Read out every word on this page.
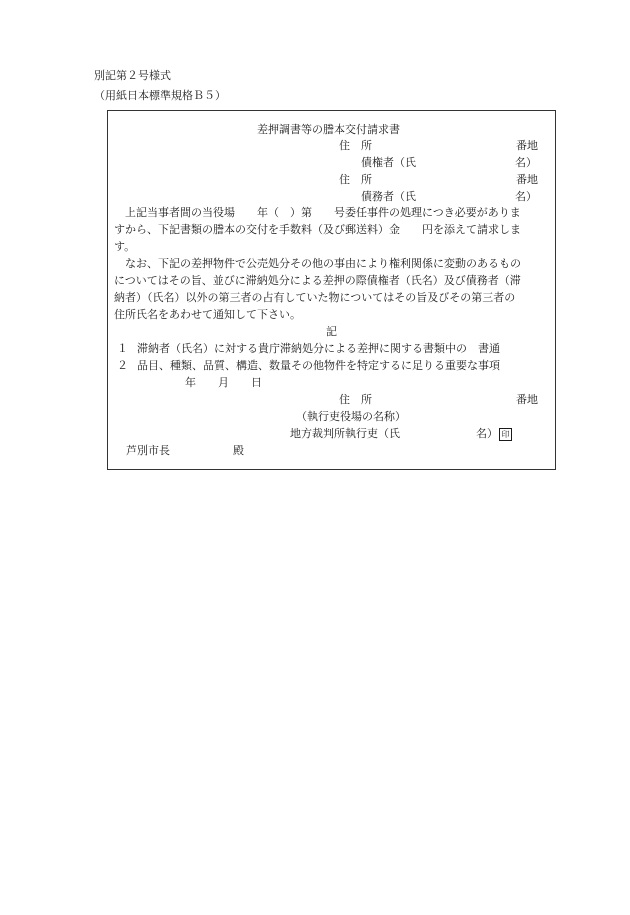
別記第２号様式
（用紙日本標準規格Ｂ５）
差押調書等の謄本交付請求書
住　所	番地
債権者（氏	名）
住　所	番地
債務者（氏	名）
上記当事者間の当役場　　年（　）第　　号委任事件の処理につき必要がありま
すから、下記書類の謄本の交付を手数料（及び郵送料）金　　円を添えて請求しま
す。
なお、下記の差押物件で公売処分その他の事由により権利関係に変動のあるもの
についてはその旨、並びに滞納処分による差押の際債権者（氏名）及び債務者（滞
納者）（氏名）以外の第三者の占有していた物についてはその旨及びその第三者の
住所氏名をあわせて通知して下さい。
記
１ 滞納者（氏名）に対する貴庁滞納処分による差押に関する書類中の　書通
２ 品目、種類、品質、構造、数量その他物件を特定するに足りる重要な事項
年　　月　　日
住　所	番地
（執行吏役場の名称）
地方裁判所執行吏（氏	名） 印
芦別市長	殿
